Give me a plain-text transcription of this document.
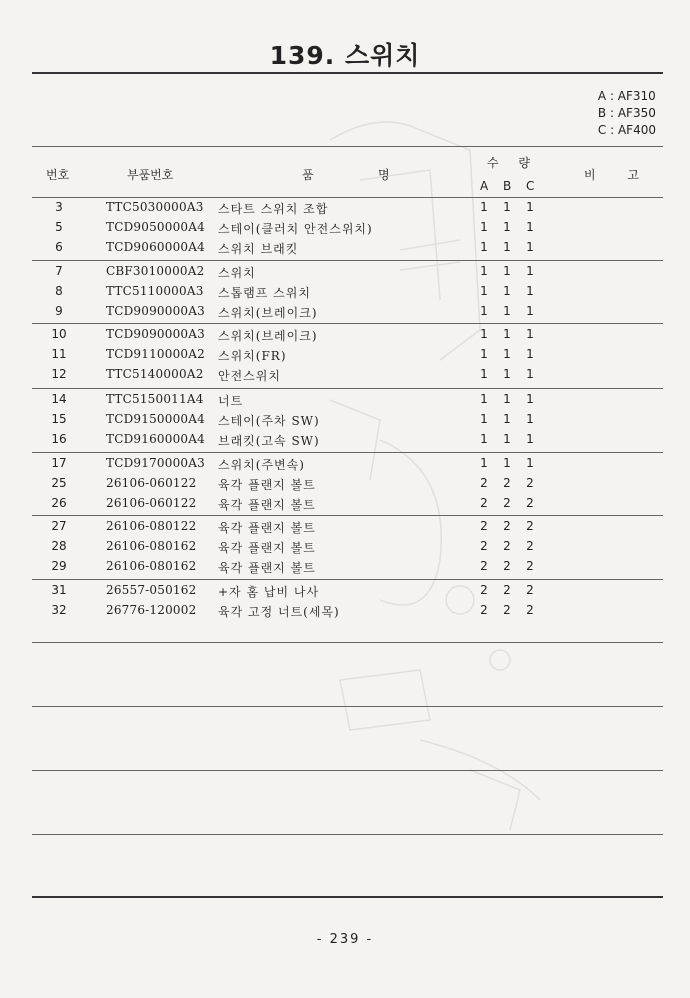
139. 스위치
A : AF310
B : AF350
C : AF400
번호	부품번호	품	명
수 량
A B C
비 고
3	TTC5030000A3 스타트 스위치 조합	1 1 1
5	TCD9050000A4 스테이(클러치 안전스위치)	1 1 1
6	TCD9060000A4 스위치 브래킷	1 1 1
7	CBF3010000A2 스위치	1 1 1
8	TTC5110000A3 스톱램프 스위치	1 1 1
9	TCD9090000A3 스위치(브레이크)	1 1 1
10	TCD9090000A3 스위치(브레이크)	1 1 1
11	TCD9110000A2 스위치(FR)	1 1 1
12	TTC5140000A2 안전스위치	1 1 1
14	TTC5150011A4 너트	1 1 1
15	TCD9150000A4 스테이(주차 SW)	1 1 1
16	TCD9160000A4 브래킷(고속 SW)	1 1 1
17	TCD9170000A3 스위치(주변속)	1 1 1
25	26106-060122 육각 플랜지 볼트	2 2 2
26	26106-060122 육각 플랜지 볼트	2 2 2
27	26106-080122 육각 플랜지 볼트	2 2 2
28	26106-080162 육각 플랜지 볼트	2 2 2
29	26106-080162 육각 플랜지 볼트	2 2 2
31	26557-050162 +자 홈 납비 나사	2 2 2
32	26776-120002 육각 고정 너트(세목)	2 2 2
- 239 -
